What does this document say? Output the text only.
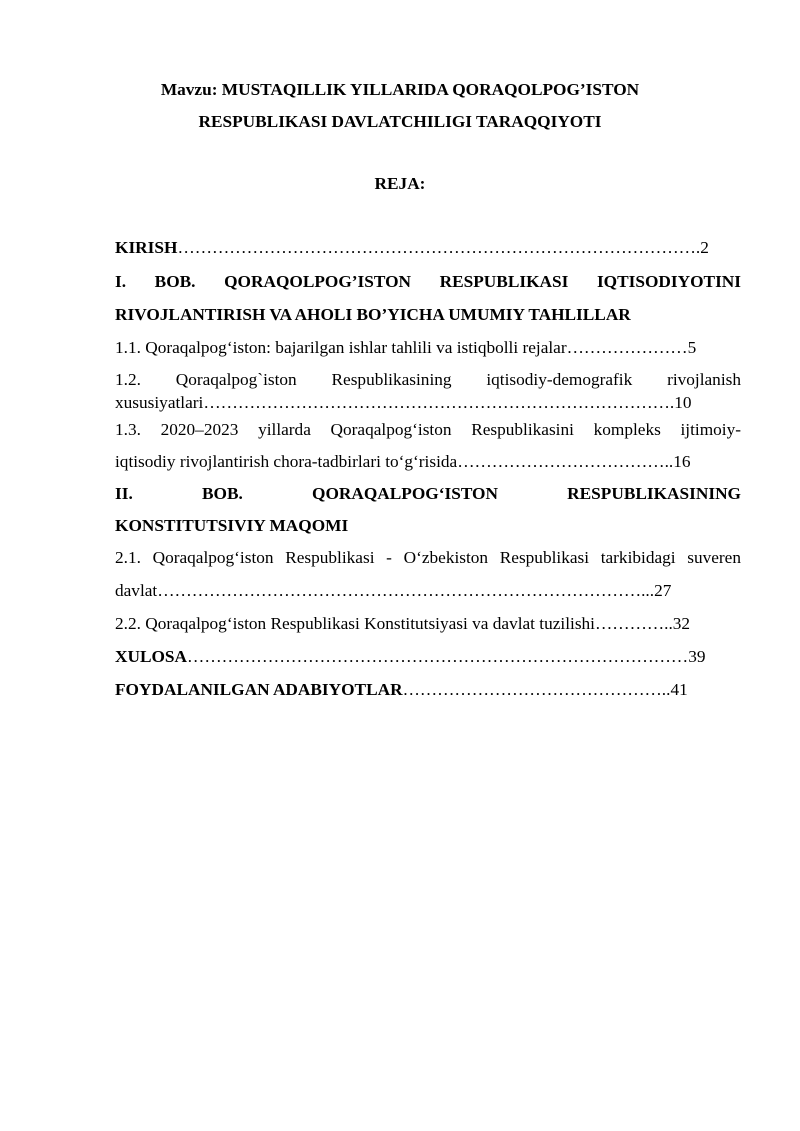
Mavzu: MUSTAQILLIK YILLARIDA QORAQOLPOG’ISTON
RESPUBLIKASI DAVLATCHILIGI TARAQQIYOTI
REJA:
KIRISH……………………………………………………………………………….2
I. BOB. QORAQOLPOG’ISTON RESPUBLIKASI IQTISODIYOTINI
RIVOJLANTIRISH VA AHOLI BO’YICHA UMUMIY TAHLILLAR
1.1. Qoraqalpog‘iston: bajarilgan ishlar tahlili va istiqbolli rejalar…………………5
1.2. Qoraqalpog`iston Respublikasining iqtisodiy-demografik rivojlanish
xususiyatlari……………………………………………………………………….10
1.3. 2020–2023 yillarda Qoraqalpog‘iston Respublikasini kompleks ijtimoiy-
iqtisodiy rivojlantirish chora-tadbirlari to‘g‘risida………………………………..16
II. BOB. QORAQALPOG‘ISTON RESPUBLIKASINING
KONSTITUTSIVIY MAQOMI
2.1. Qoraqalpog‘iston Respublikasi - O‘zbekiston Respublikasi tarkibidagi suveren
davlat…………………………………………………………………………...27
2.2. Qoraqalpog‘iston Respublikasi Konstitutsiyasi va davlat tuzilishi…………..32
XULOSA……………………………………………………………………………39
FOYDALANILGAN ADABIYOTLAR………………………………………..41
